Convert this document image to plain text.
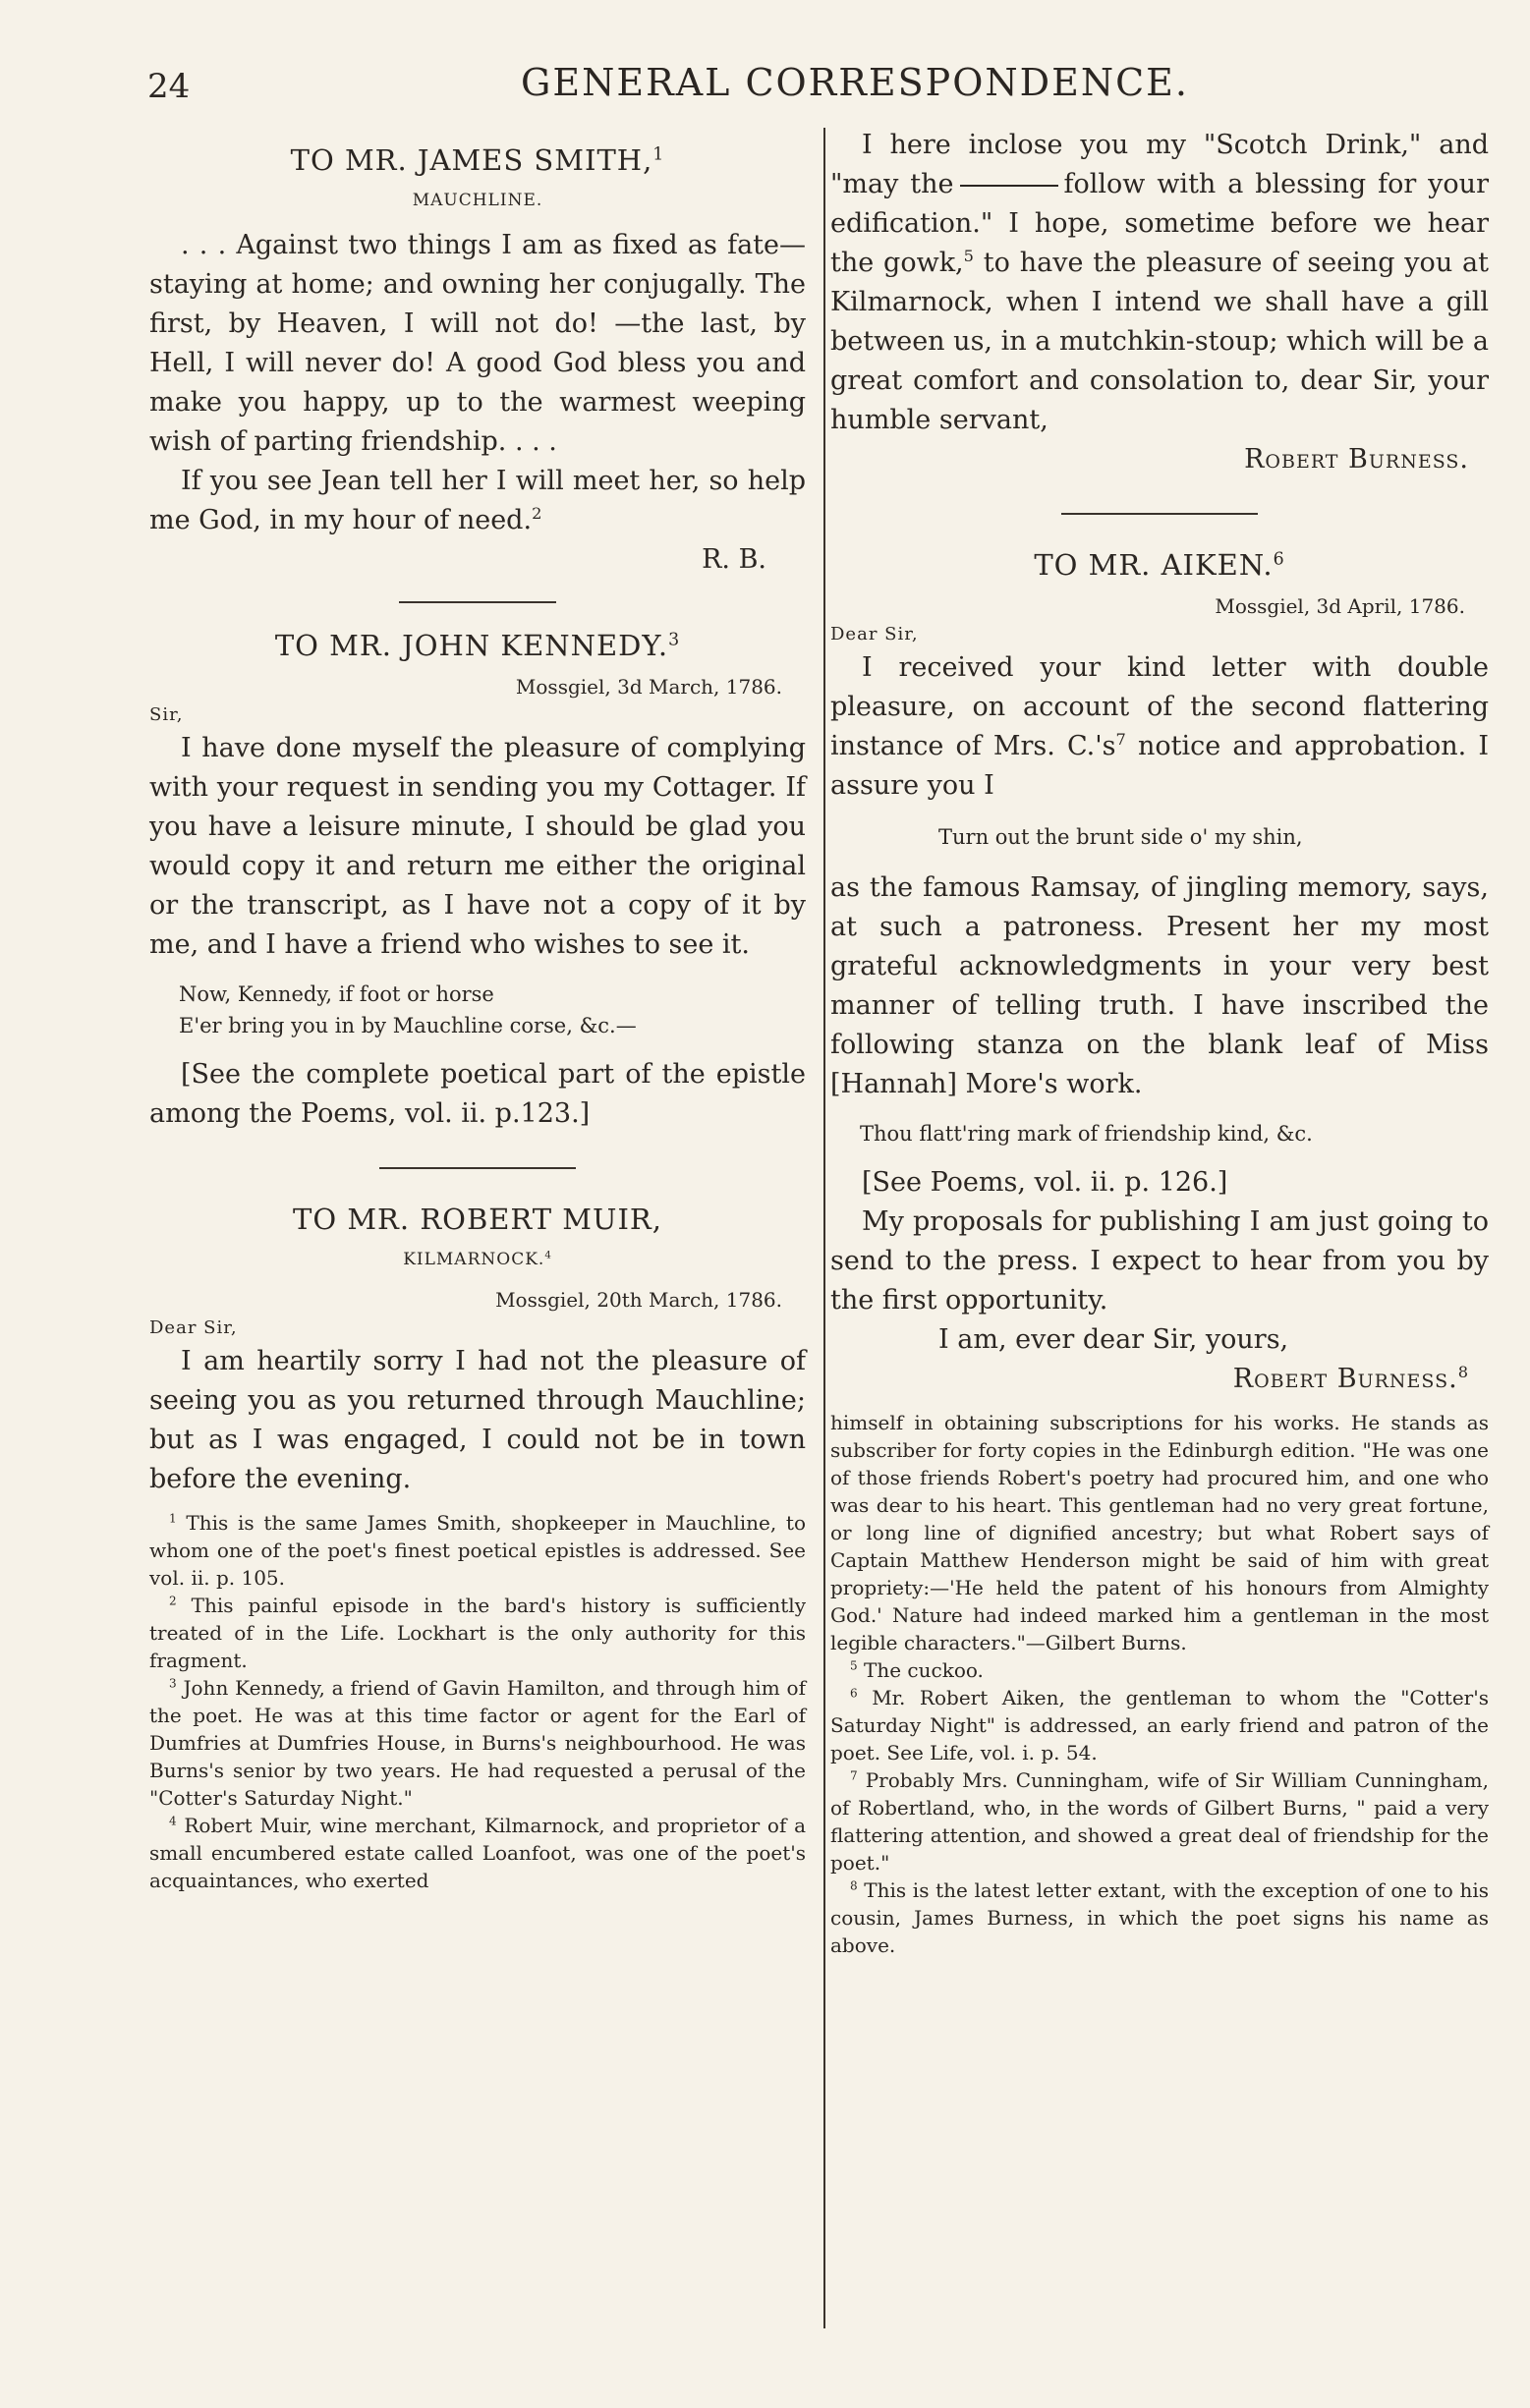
24	GENERAL CORRESPONDENCE.
TO MR. JAMES SMITH,$^1$
MAUCHLINE.

. . . Against two things I am as fixed as fate—staying at home; and owning her conjugally. The first, by Heaven, I will not do! —the last, by Hell, I will never do! A good God bless you and make you happy, up to the warmest weeping wish of parting friendship. . . .

If you see Jean tell her I will meet her, so help me God, in my hour of need.$^2$

R. B.
TO MR. JOHN KENNEDY.$^3$
Mossgiel, 3d March, 1786.
Sir,

I have done myself the pleasure of complying with your request in sending you my Cottager. If you have a leisure minute, I should be glad you would copy it and return me either the original or the transcript, as I have not a copy of it by me, and I have a friend who wishes to see it.

Now, Kennedy, if foot or horse
E'er bring you in by Mauchline corse, &c.—

[See the complete poetical part of the epistle among the Poems, vol. ii. p.123.]

TO MR. ROBERT MUIR,
KILMARNOCK.$^4$
Mossgiel, 20th March, 1786.
Dear Sir,

I am heartily sorry I had not the pleasure of seeing you as you returned through Mauchline; but as I was engaged, I could not be in town before the evening.

$^1$ This is the same James Smith, shopkeeper in Mauchline, to whom one of the poet's finest poetical epistles is addressed. See vol. ii. p. 105.

$^2$ This painful episode in the bard's history is sufficiently treated of in the Life. Lockhart is the only authority for this fragment.

$^3$ John Kennedy, a friend of Gavin Hamilton, and through him of the poet. He was at this time factor or agent for the Earl of Dumfries at Dumfries House, in Burns's neighbourhood. He was Burns's senior by two years. He had requested a perusal of the "Cotter's Saturday Night."

$^4$ Robert Muir, wine merchant, Kilmarnock, and proprietor of a small encumbered estate called Loanfoot, was one of the poet's acquaintances, who exerted

I here inclose you my "Scotch Drink," and "may the	follow with a blessing for your edification." I hope, sometime before we hear the gowk,$^5$ to have the pleasure of seeing you at Kilmarnock, when I intend we shall have a gill between us, in a mutchkin-stoup; which will be a great comfort and consolation to, dear Sir, your humble servant,

Robert Burness.
TO MR. AIKEN.$^6$
Mossgiel, 3d April, 1786.
Dear Sir,

I received your kind letter with double pleasure, on account of the second flattering instance of Mrs. $C.'s^7$ notice and approbation. I assure you I

Turn out the brunt side o' my shin,

as the famous Ramsay, of jingling memory, says, at such a patroness. Present her my most grateful acknowledgments in your very best manner of telling truth. I have inscribed the following stanza on the blank leaf of Miss [Hannah] More's work.

Thou flatt'ring mark of friendship kind, &c.

[See Poems, vol. ii. p. 126.]

My proposals for publishing I am just going to send to the press. I expect to hear from you by the first opportunity.

I am, ever dear Sir, yours,

Robert Burness.$^8$

himself in obtaining subscriptions for his works. He stands as subscriber for forty copies in the Edinburgh edition. "He was one of those friends Robert's poetry had procured him, and one who was dear to his heart. This gentleman had no very great fortune, or long line of dignified ancestry; but what Robert says of Captain Matthew Henderson might be said of him with great propriety:—'He held the patent of his honours from Almighty God.' Nature had indeed marked him a gentleman in the most legible characters."—Gilbert Burns.

$^5$ The cuckoo.

$^6$ Mr. Robert Aiken, the gentleman to whom the "Cotter's Saturday Night" is addressed, an early friend and patron of the poet. See Life, vol. i. p. 54.

$^7$ Probably Mrs. Cunningham, wife of Sir William Cunningham, of Robertland, who, in the words of Gilbert Burns, " paid a very flattering attention, and showed a great deal of friendship for the poet."

$^8$ This is the latest letter extant, with the exception of one to his cousin, James Burness, in which the poet signs his name as above.
